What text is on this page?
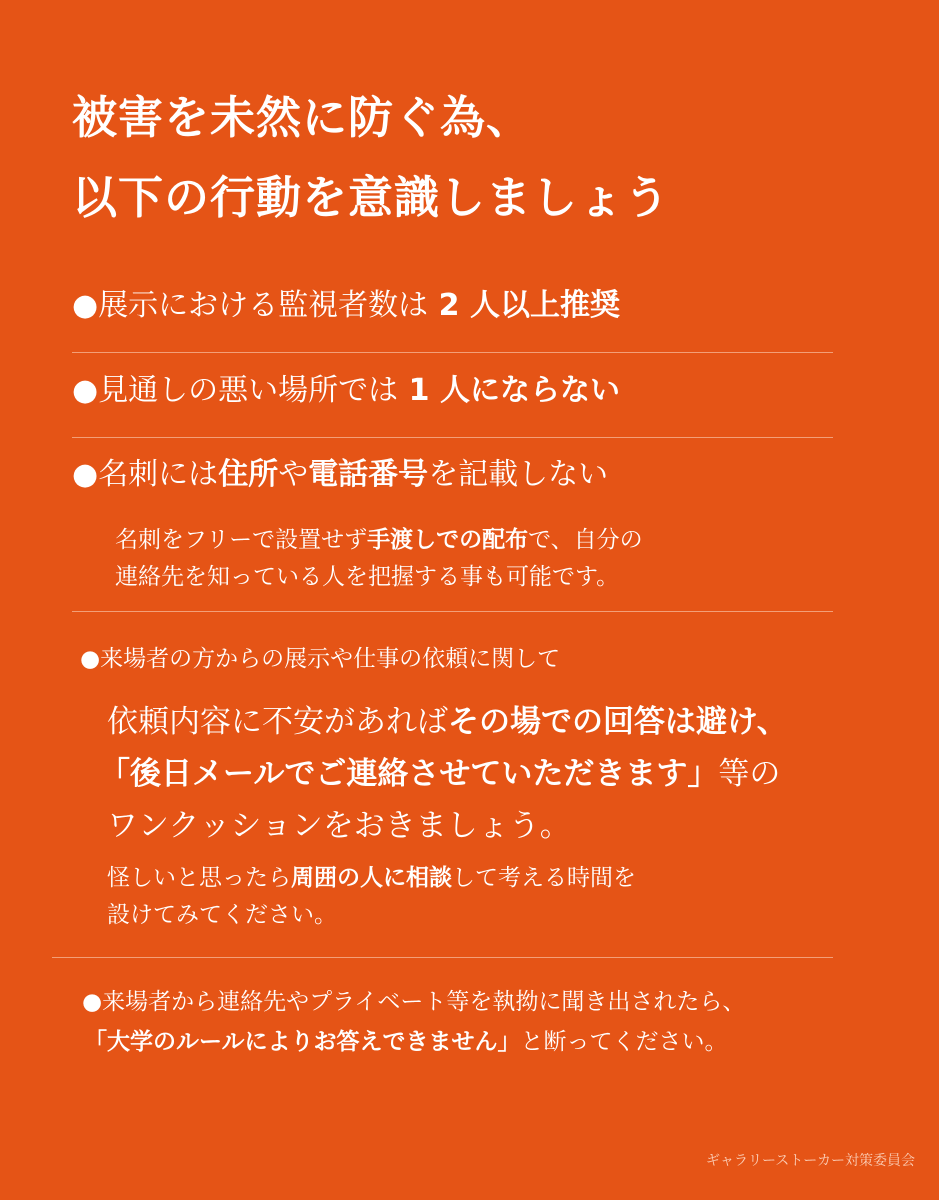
被害を未然に防ぐ為、
以下の行動を意識しましょう
●展示における監視者数は 2 人以上推奨
●見通しの悪い場所では 1 人にならない
●名刺には住所や電話番号を記載しない
名刺をフリーで設置せず手渡しでの配布で、自分の
連絡先を知っている人を把握する事も可能です。
●来場者の方からの展示や仕事の依頼に関して
依頼内容に不安があればその場での回答は避け、
「後日メールでご連絡させていただきます」等の
ワンクッションをおきましょう。
怪しいと思ったら周囲の人に相談して考える時間を
設けてみてください。
●来場者から連絡先やプライベート等を執拗に聞き出されたら、
「大学のルールによりお答えできません」と断ってください。
ギャラリーストーカー対策委員会
